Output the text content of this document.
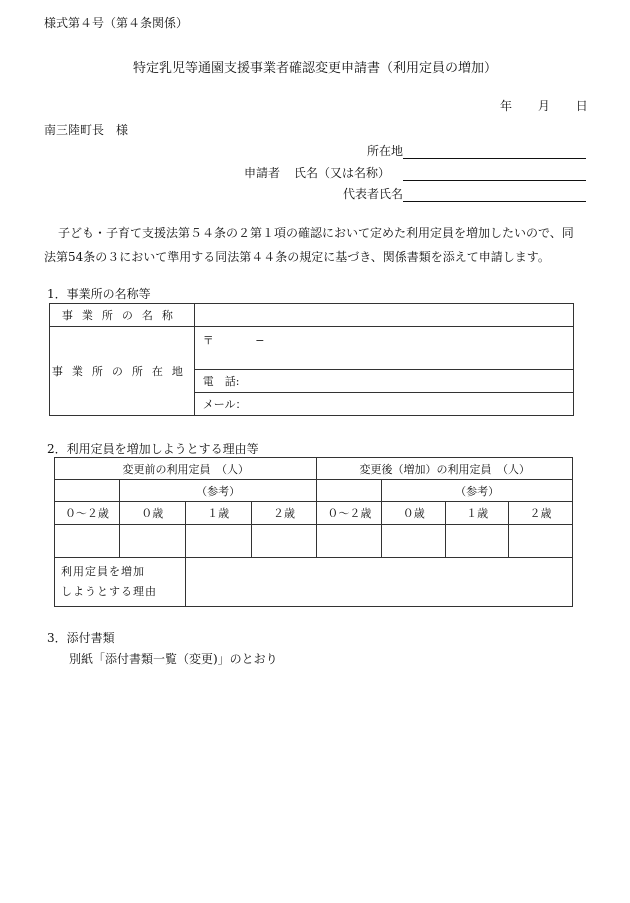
様式第４号（第４条関係）
特定乳児等通園支援事業者確認変更申請書（利用定員の増加）
年 月 日
南三陸町長　様
所在地
申請者 氏名（又は名称）
代表者氏名
子ども・子育て支援法第５４条の２第１項の確認において定めた利用定員を増加したいので、同法第54条の３において準用する同法第４４条の規定に基づき、関係書類を添えて申請します。
1．事業所の名称等
事業所の名称	
事業所の所在地	〒 −
	電　話:
	メール：
2．利用定員を増加しようとする理由等
変更前の利用定員　（人）				変更後（増加）の利用定員　（人）			
	（参考）				（参考）		
０～２歳	０歳	１歳	２歳	０～２歳	０歳	１歳	２歳

利用定員を増加
しようとする理由							

3．添付書類
別紙「添付書類一覧（変更)」のとおり
